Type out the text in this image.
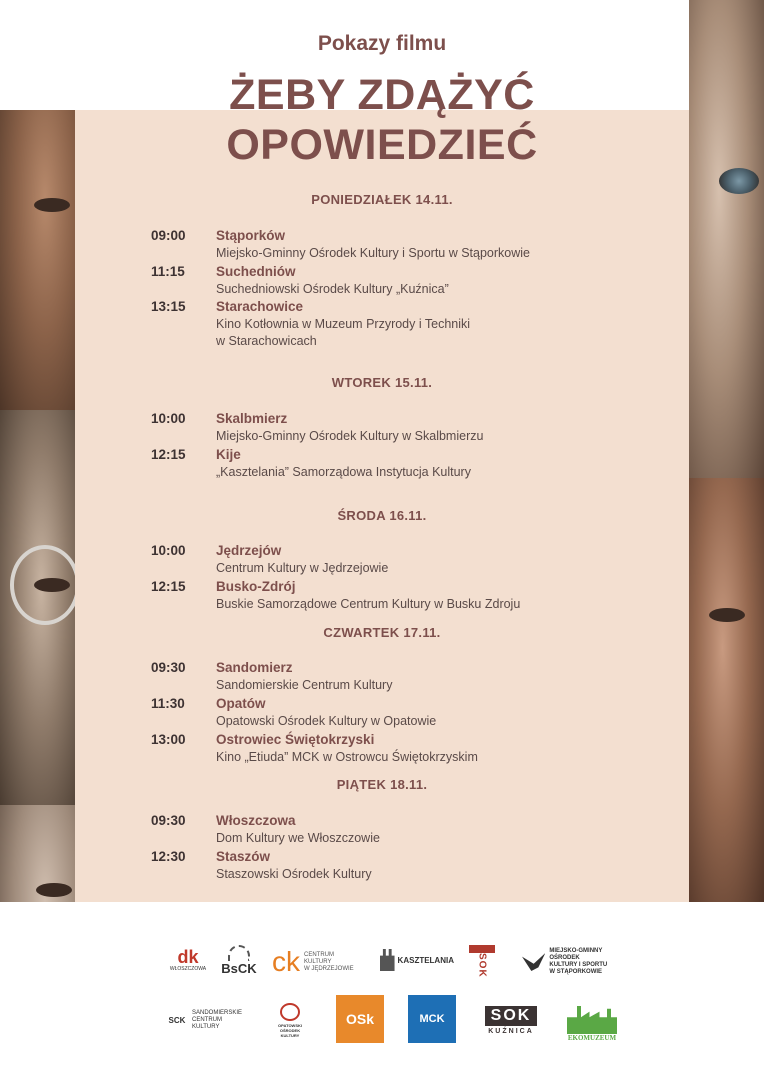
Pokazy filmu
ŻEBY ZDĄŻYĆ
OPOWIEDZIEĆ
PONIEDZIAŁEK 14.11.
09:00 Stąporków
Miejsko-Gminny Ośrodek Kultury i Sportu w Stąporkowie
11:15 Suchedniów
Suchedniowski Ośrodek Kultury „Kuźnica”
13:15 Starachowice
Kino Kotłownia w Muzeum Przyrody i Techniki
w Starachowicach
WTOREK 15.11.
10:00 Skalbmierz
Miejsko-Gminny Ośrodek Kultury w Skalbmierzu
12:15 Kije
„Kasztelania” Samorządowa Instytucja Kultury
ŚRODA 16.11.
10:00 Jędrzejów
Centrum Kultury w Jędrzejowie
12:15 Busko-Zdrój
Buskie Samorządowe Centrum Kultury w Busku Zdroju
CZWARTEK 17.11.
09:30 Sandomierz
Sandomierskie Centrum Kultury
11:30 Opatów
Opatowski Ośrodek Kultury w Opatowie
13:00 Ostrowiec Świętokrzyski
Kino „Etiuda” MCK w Ostrowcu Świętokrzyskim
PIĄTEK 18.11.
09:30 Włoszczowa
Dom Kultury we Włoszczowie
12:30 Staszów
Staszowski Ośrodek Kultury
dk
WŁOSZCZOWA BsCK ck CENTRUM
KULTURY
W JĘDRZEJOWIE
KASZTELANIA SOK
MIEJSKO-GMINNY OŚRODEK
KULTURY I SPORTU
W STĄPORKOWIE
SCK
SANDOMIERSKIE
CENTRUM
KULTURY	OPATOWSKI
OŚRODEK
KULTURY
OSk	MCK	SOK
KUŹNICA
EKOMUZEUM
